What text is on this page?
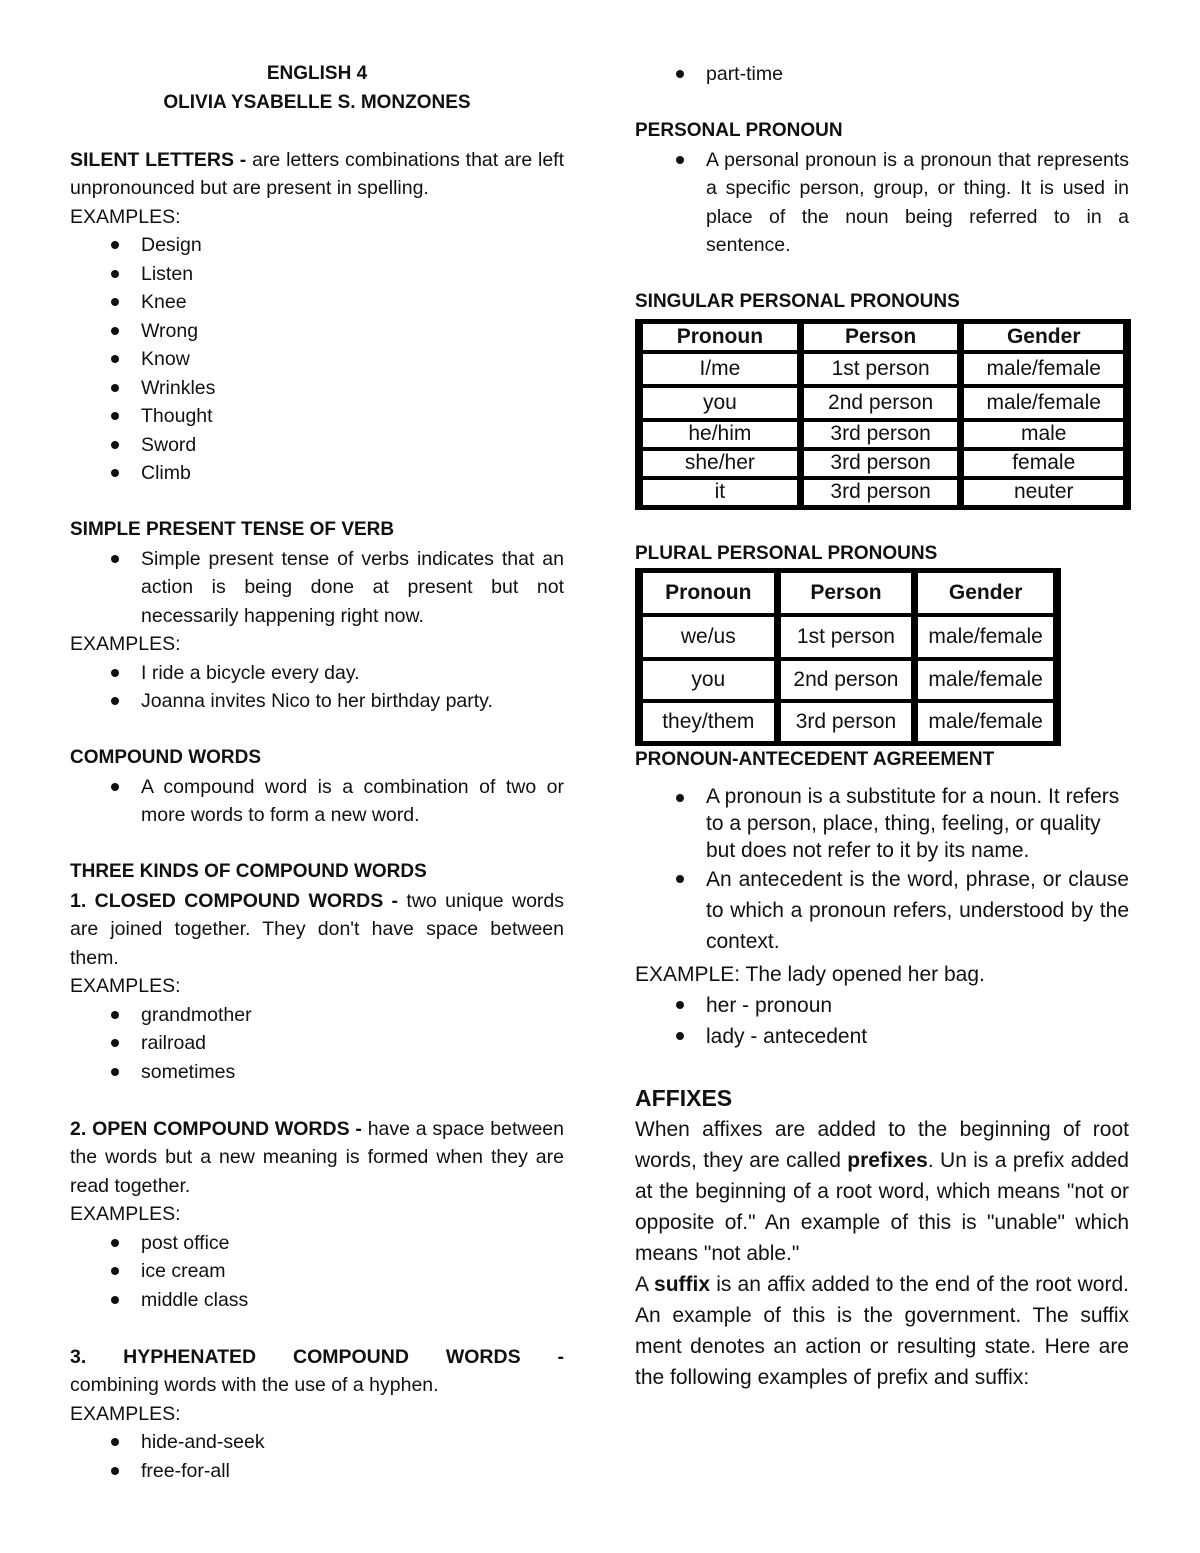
ENGLISH 4

OLIVIA YSABELLE S. MONZONES

SILENT LETTERS - are letters combinations that are left unpronounced but are present in spelling.

EXAMPLES:

Design
Listen
Knee
Wrong
Know
Wrinkles
Thought
Sword
Climb

SIMPLE PRESENT TENSE OF VERB

Simple present tense of verbs indicates that an action is being done at present but not necessarily happening right now.

EXAMPLES:

I ride a bicycle every day.
Joanna invites Nico to her birthday party.

COMPOUND WORDS

A compound word is a combination of two or more words to form a new word.

THREE KINDS OF COMPOUND WORDS

1. CLOSED COMPOUND WORDS - two unique words are joined together. They don't have space between them.

EXAMPLES:

grandmother
railroad
sometimes

2. OPEN COMPOUND WORDS - have a space between the words but a new meaning is formed when they are read together.

EXAMPLES:

post office
ice cream
middle class

3. HYPHENATED COMPOUND WORDS -

combining words with the use of a hyphen.

EXAMPLES:

hide-and-seek
free-for-all
part-time

PERSONAL PRONOUN

A personal pronoun is a pronoun that represents a specific person, group, or thing. It is used in place of the noun being referred to in a sentence.

SINGULAR PERSONAL PRONOUNS

Pronoun	Person	Gender
I/me	1st person	male/female
you	2nd person	male/female
he/him	3rd person	male
she/her	3rd person	female
it	3rd person	neuter

PLURAL PERSONAL PRONOUNS

Pronoun	Person	Gender
we/us	1st person	male/female
you	2nd person	male/female
they/them	3rd person	male/female

PRONOUN-ANTECEDENT AGREEMENT

A pronoun is a substitute for a noun. It refers to a person, place, thing, feeling, or quality but does not refer to it by its name.
An antecedent is the word, phrase, or clause to which a pronoun refers, understood by the context.

EXAMPLE: The lady opened her bag.

her - pronoun
lady - antecedent

AFFIXES

When affixes are added to the beginning of root words, they are called prefixes. Un is a prefix added at the beginning of a root word, which means "not or opposite of." An example of this is "unable" which means "not able."

A suffix is an affix added to the end of the root word. An example of this is the government. The suffix ment denotes an action or resulting state. Here are the following examples of prefix and suffix:
